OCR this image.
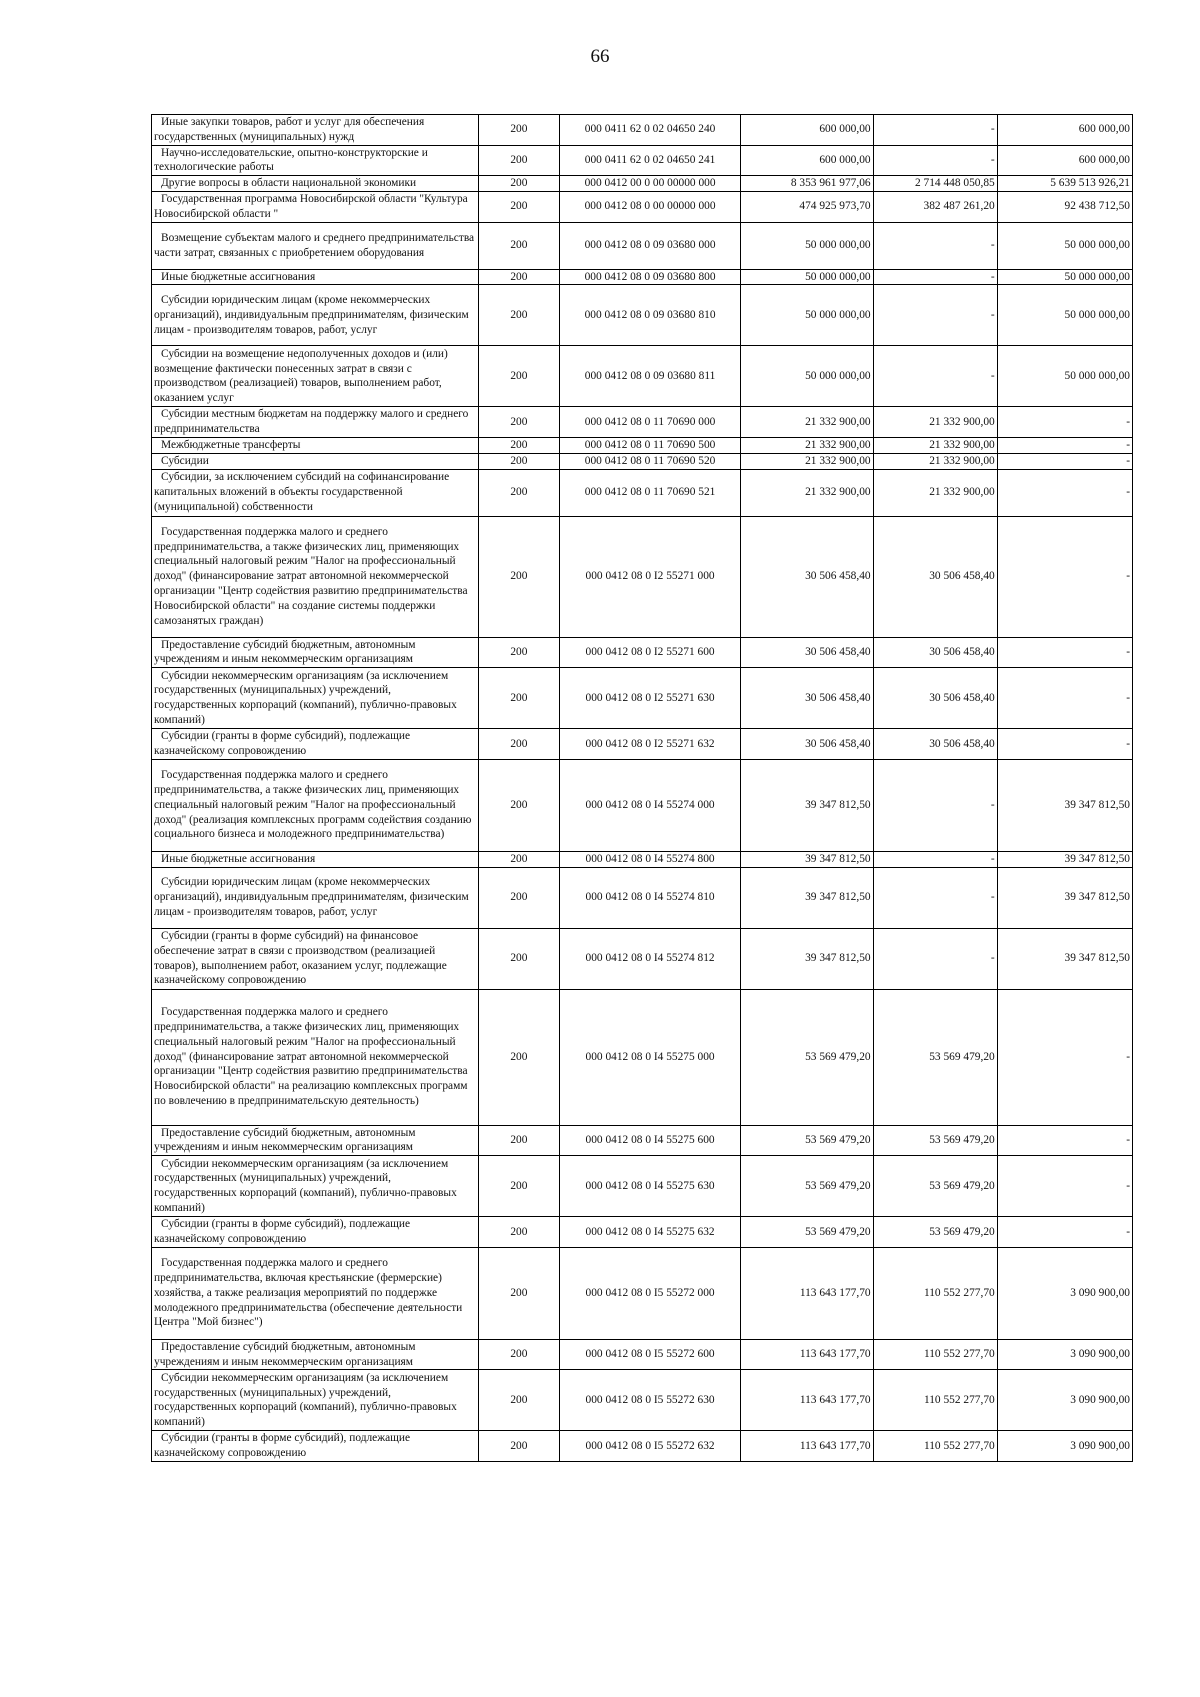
66
Иные закупки товаров, работ и услуг для обеспечения государственных (муниципальных) нужд	200	000 0411 62 0 02 04650 240	600 000,00	-	600 000,00

Научно-исследовательские, опытно-конструкторские и технологические работы	200	000 0411 62 0 02 04650 241	600 000,00	-	600 000,00

Другие вопросы в области национальной экономики	200	000 0412 00 0 00 00000 000	8 353 961 977,06	2 714 448 050,85	5 639 513 926,21

Государственная программа Новосибирской области "Культура Новосибирской области "	200	000 0412 08 0 00 00000 000	474 925 973,70	382 487 261,20	92 438 712,50

Возмещение субъектам малого и среднего предпринимательства части затрат, связанных с приобретением оборудования	200	000 0412 08 0 09 03680 000	50 000 000,00	-	50 000 000,00

Иные бюджетные ассигнования	200	000 0412 08 0 09 03680 800	50 000 000,00	-	50 000 000,00

Субсидии юридическим лицам (кроме некоммерческих организаций), индивидуальным предпринимателям, физическим лицам - производителям товаров, работ, услуг	200	000 0412 08 0 09 03680 810	50 000 000,00	-	50 000 000,00

Субсидии на возмещение недополученных доходов и (или) возмещение фактически понесенных затрат в связи с производством (реализацией) товаров, выполнением работ, оказанием услуг	200	000 0412 08 0 09 03680 811	50 000 000,00	-	50 000 000,00

Субсидии местным бюджетам на поддержку малого и среднего предпринимательства	200	000 0412 08 0 11 70690 000	21 332 900,00	21 332 900,00	-

Межбюджетные трансферты	200	000 0412 08 0 11 70690 500	21 332 900,00	21 332 900,00	-

Субсидии	200	000 0412 08 0 11 70690 520	21 332 900,00	21 332 900,00	-

Субсидии, за исключением субсидий на софинансирование капитальных вложений в объекты государственной (муниципальной) собственности	200	000 0412 08 0 11 70690 521	21 332 900,00	21 332 900,00	-

Государственная поддержка малого и среднего предпринимательства, а также физических лиц, применяющих специальный налоговый режим "Налог на профессиональный доход" (финансирование затрат автономной некоммерческой организации "Центр содействия развитию предпринимательства Новосибирской области" на создание системы поддержки самозанятых граждан)	200	000 0412 08 0 I2 55271 000	30 506 458,40	30 506 458,40	-

Предоставление субсидий бюджетным, автономным учреждениям и иным некоммерческим организациям	200	000 0412 08 0 I2 55271 600	30 506 458,40	30 506 458,40	-

Субсидии некоммерческим организациям (за исключением государственных (муниципальных) учреждений, государственных корпораций (компаний), публично-правовых компаний)	200	000 0412 08 0 I2 55271 630	30 506 458,40	30 506 458,40	-

Субсидии (гранты в форме субсидий), подлежащие казначейскому сопровождению	200	000 0412 08 0 I2 55271 632	30 506 458,40	30 506 458,40	-

Государственная поддержка малого и среднего предпринимательства, а также физических лиц, применяющих специальный налоговый режим "Налог на профессиональный доход" (реализация комплексных программ содействия созданию социального бизнеса и молодежного предпринимательства)	200	000 0412 08 0 I4 55274 000	39 347 812,50	-	39 347 812,50

Иные бюджетные ассигнования	200	000 0412 08 0 I4 55274 800	39 347 812,50	-	39 347 812,50

Субсидии юридическим лицам (кроме некоммерческих организаций), индивидуальным предпринимателям, физическим лицам - производителям товаров, работ, услуг	200	000 0412 08 0 I4 55274 810	39 347 812,50	-	39 347 812,50

Субсидии (гранты в форме субсидий) на финансовое обеспечение затрат в связи с производством (реализацией товаров), выполнением работ, оказанием услуг, подлежащие казначейскому сопровождению	200	000 0412 08 0 I4 55274 812	39 347 812,50	-	39 347 812,50

Государственная поддержка малого и среднего предпринимательства, а также физических лиц, применяющих специальный налоговый режим "Налог на профессиональный доход" (финансирование затрат автономной некоммерческой организации "Центр содействия развитию предпринимательства Новосибирской области" на реализацию комплексных программ по вовлечению в предпринимательскую деятельность)	200	000 0412 08 0 I4 55275 000	53 569 479,20	53 569 479,20	-

Предоставление субсидий бюджетным, автономным учреждениям и иным некоммерческим организациям	200	000 0412 08 0 I4 55275 600	53 569 479,20	53 569 479,20	-

Субсидии некоммерческим организациям (за исключением государственных (муниципальных) учреждений, государственных корпораций (компаний), публично-правовых компаний)	200	000 0412 08 0 I4 55275 630	53 569 479,20	53 569 479,20	-

Субсидии (гранты в форме субсидий), подлежащие казначейскому сопровождению	200	000 0412 08 0 I4 55275 632	53 569 479,20	53 569 479,20	-

Государственная поддержка малого и среднего предпринимательства, включая крестьянские (фермерские) хозяйства, а также реализация мероприятий по поддержке молодежного предпринимательства (обеспечение деятельности Центра "Мой бизнес")	200	000 0412 08 0 I5 55272 000	113 643 177,70	110 552 277,70	3 090 900,00

Предоставление субсидий бюджетным, автономным учреждениям и иным некоммерческим организациям	200	000 0412 08 0 I5 55272 600	113 643 177,70	110 552 277,70	3 090 900,00

Субсидии некоммерческим организациям (за исключением государственных (муниципальных) учреждений, государственных корпораций (компаний), публично-правовых компаний)	200	000 0412 08 0 I5 55272 630	113 643 177,70	110 552 277,70	3 090 900,00

Субсидии (гранты в форме субсидий), подлежащие казначейскому сопровождению	200	000 0412 08 0 I5 55272 632	113 643 177,70	110 552 277,70	3 090 900,00
